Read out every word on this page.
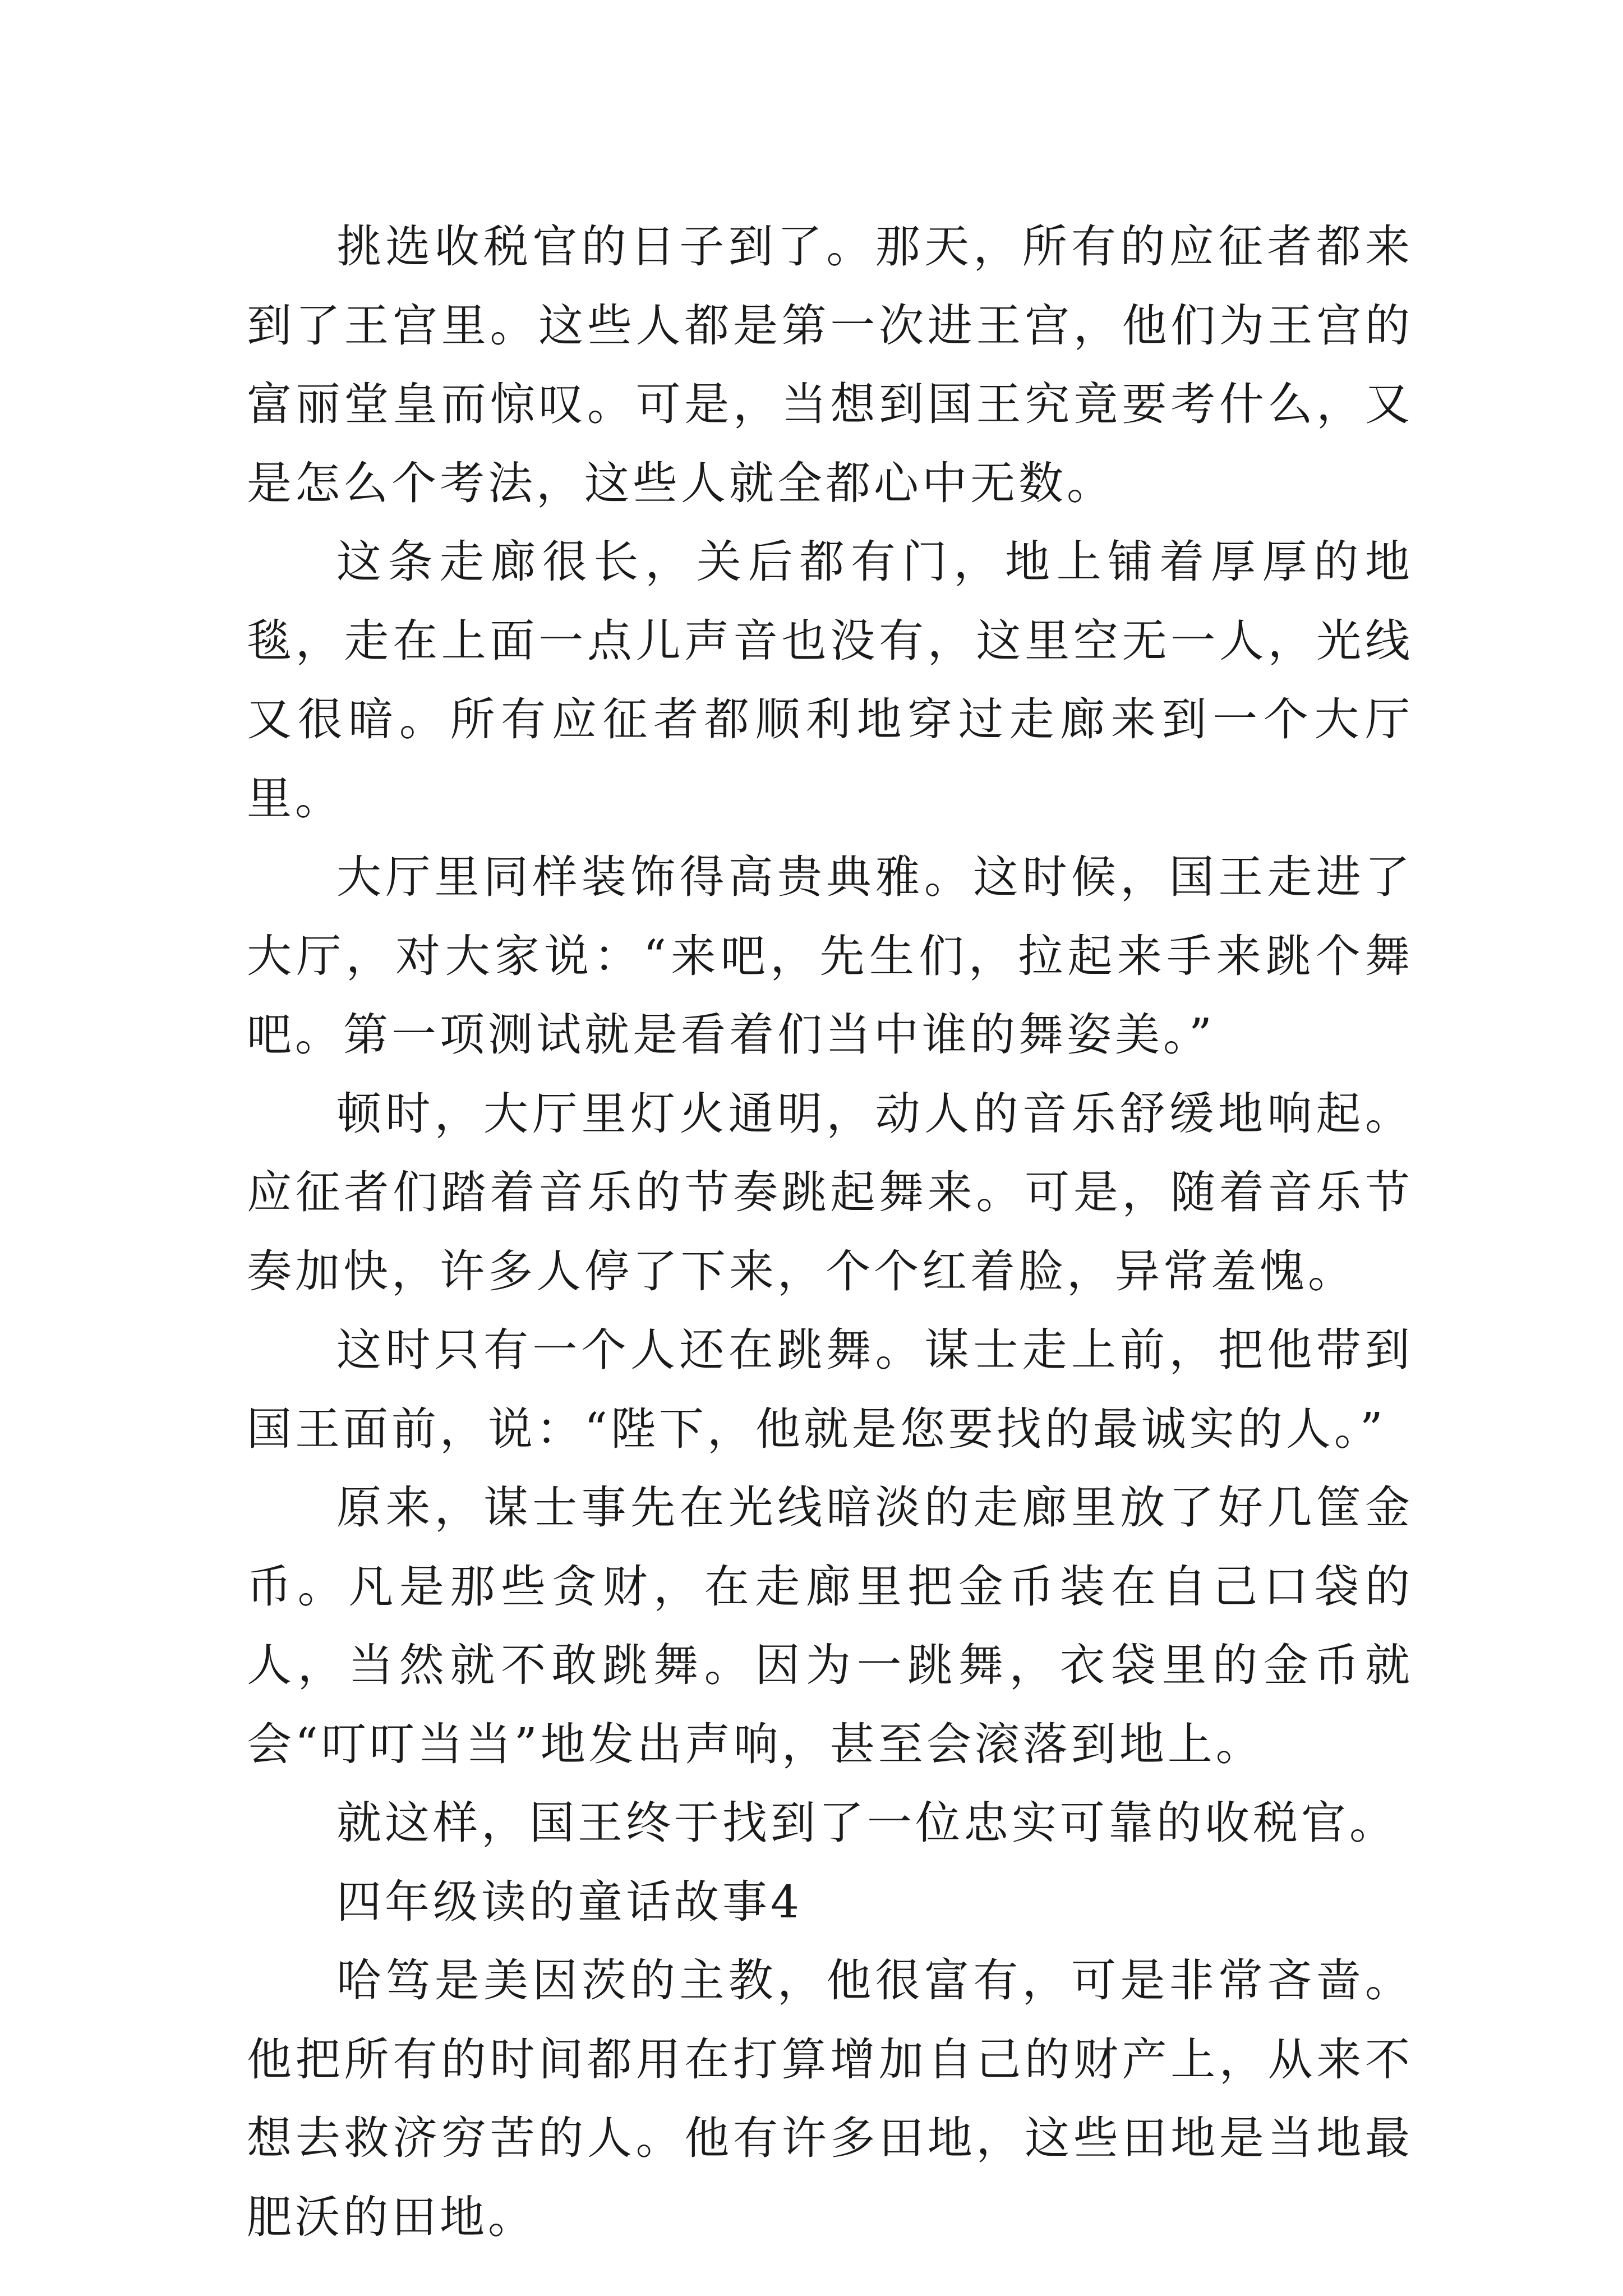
挑选收税官的日子到了。那天，所有的应征者都来到了王宫里。这些人都是第一次进王宫，他们为王宫的富丽堂皇而惊叹。可是，当想到国王究竟要考什么，又是怎么个考法，这些人就全都心中无数。

这条走廊很长，关后都有门，地上铺着厚厚的地毯，走在上面一点儿声音也没有，这里空无一人，光线又很暗。所有应征者都顺利地穿过走廊来到一个大厅里。

大厅里同样装饰得高贵典雅。这时候，国王走进了大厅，对大家说：“来吧，先生们，拉起来手来跳个舞吧。第一项测试就是看着们当中谁的舞姿美。”

顿时，大厅里灯火通明，动人的音乐舒缓地响起。应征者们踏着音乐的节奏跳起舞来。可是，随着音乐节奏加快，许多人停了下来，个个红着脸，异常羞愧。

这时只有一个人还在跳舞。谋士走上前，把他带到国王面前，说：“陛下，他就是您要找的最诚实的人。”

原来，谋士事先在光线暗淡的走廊里放了好几筐金币。凡是那些贪财，在走廊里把金币装在自己口袋的人，当然就不敢跳舞。因为一跳舞，衣袋里的金币就会“叮叮当当”地发出声响，甚至会滚落到地上。

就这样，国王终于找到了一位忠实可靠的收税官。

四年级读的童话故事4

哈笃是美因茨的主教，他很富有，可是非常吝啬。他把所有的时间都用在打算增加自己的财产上，从来不想去救济穷苦的人。他有许多田地，这些田地是当地最肥沃的田地。
